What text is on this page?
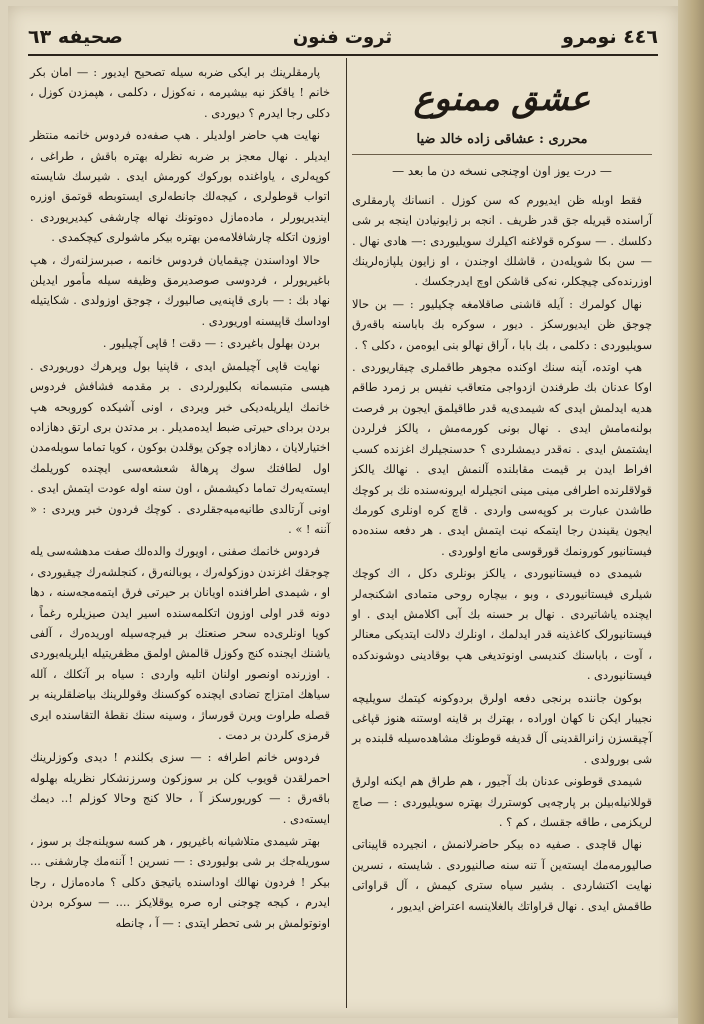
٤٤٦ نومرو
ثروت فنون
صحیفه ٦٣
عشق ممنوع
محرری : عشاقی زاده خالد ضیا
— درت یوز اون اوچنجی نسخه دن ما بعد —

فقط اوبله ظن ایدیورم که سن کوزل . انسانك پارمقلری آراسنده قیریله جق قدر ظریف . انجه بر زایونیادن اینجه بر شی دکلسك . — سوکره قولاغنه اکیلرك سویلیوردی :— هادی نهال . — سن بکا شویله‌دن ، قاشلك اوجندن ، او زایون یلپازه‌لرینك اوزرنده‌کی چیچکلر، نه‌کی قاشکن اوچ ایدرجکسك .

نهال کولمرك : آیله قاشنی صاقلامغه چکیلیور : — بن حالا چوجق ظن ایدیورسکز . دیور ، سوکره بك بابا‌سنه باقه‌رق سویلیوردی : دکلمی ، بك بابا ، آراق نهالو بنی ایوه‌من ، دکلی ؟ .

هپ اوتده، آینه سنك اوکنده مجوهر طاقملری چیقاریوردی . اوکا عدنان بك طرفندن ازدواجی متعاقب نفیس بر زمرد طاقم هدیه ایدلمش ایدی که شیمدی‌یه قدر طاقیلمق ایجون بر فرصت بولنه‌مامش ایدی . نهال بونی کورمه‌مش ، یالکز فرلردن ایشتمش ایدی . نه‌قدر دیمشلردی ؟ حدسنجیلرك اغزنده کسب افراط ایدن بر قیمت مقابلنده آلنمش ایدی . نهالك یالکز قولاقلرنده اطرافی مینی مینی انجیلرله ایرونه‌سنده نك بر کوچك طاشدن عبارت بر کوپه‌سی واردی . قاچ کره اونلری کورمك ایجون یقیندن رجا ایتمکه نیت ایتمش ایدی . هر دفعه سنده‌ده فیستانیور کورونمك قورقوسی مانع اولوردی .

شیمدی ده فیستانیوردی ، یالکز بونلری دکل ، اك کوچك شیلری فیستانیوردی ، وبو ، بیچاره روحی متمادی اشکنجه‌لر ایچنده یاشاتیردی . نهال بر حسنه بك آبی اکلامش ایدی . او فیستانیورلک کاغذینه قدر ایدلمك ، اونلرك دلالت ایتدیکی معنالر ، آوت ، بابا‌سنك کندیسی اونوتدیغی هپ بوقادینی دوشوندکده فیستانیوردی .

بوکون جاننده برنجی دفعه اولرق بردوکونه کیتمك سویلیچه نجیبار ایکن نا کهان اوراده ، بهترك بر قاینه اوستنه هنوز قپاغی آچیقسزن زانرالقدینی آل قدیفه قوطونك مشاهده‌سیله قلبنده بر شی بورولدی .

شیمدی قوطونی عدنان بك آجیور ، هم طراق هم ایکنه اولرق قوللانیله‌بیلن بر پارچه‌یی کوستررك بهتره سویلیوردی : — صاچ لریکزمی ، طاقه جقسك ، کم ؟ .

نهال قاچدی . صفیه ده بیکر حاضرلانمش ، انجیرده قاپیناتی صالیورمه‌مك ایسته‌ین آ تنه سنه صالنیوردی . شایسته ، نسرین نهایت اکتشاردی . بشیر سیاه ستری کیمش ، آل قراواتی طاقمش ایدی . نهال قراواتك بالغلاینسه اعتراض ایدیور ،

پارمقلرینك بر ایکی ضربه سیله تصحیح ایدیور : — امان بکر خانم ! یاقکز نیه بیشیرمه ، نه‌کوزل ، دکلمی ، هپمزدن کوزل ، دکلی رجا ایدرم ؟ دیوردی .

نهایت هپ حاضر اولدیلر . هپ صفه‌ده فردوس خانمه منتظر ایدیلر . نهال معجز بر ضربه نظرله بهتره باقش ، طراغی ، کوپه‌لری ، یاواغنده بورکوك کورمش ایدی . شیرسك شایسته اتواب قوطولری ، کیجه‌لك جانطه‌لری ایستوبطه قوتمق اوزره ایندیریورلر ، ماده‌مازل ده‌وتونك نهاله چارشفی کیدیریوردی . اوزون اتکله چارشافلامه‌من بهتره بیکر ماشولری کیچکمدی .

حالا اوداسندن چیقمایان فردوس خانمه ، صبرسزلنه‌رك ، هپ باغیریورلر ، فردوسی صوصدیرمق وظیفه سیله مأمور ایدیلن نهاد بك : — باری قاپنه‌یی صالیورك ، چوجق اوزولدی . شکایتیله اوداسك قاپیسنه اوریوردی .

بردن بهلول باغیردی : — دقت ! قاپی آچیلیور .

نهایت قاپی آچیلمش ایدی ، قاپنیا بول وپرهرك دوریوردی . هیسی متبسمانه بکلیورلردی . بر مقدمه فشافش فردوس خانمك ایلریله‌دیکی خبر ویردی ، اونی آشیکده کوروبحه هپ بردن بردای حیرتی ضبط ایده‌مدیلر . بر مدتدن بری ارتق دهازاده اختیارلایان ، دهازاده چوکن یوقلدن بوکون ، کویا تماما سویله‌مدن اول لطافتك سوك پرهالهٔ شعشعه‌سی ایچنده کوریلمك ایسته‌یه‌رك تماما دکیشمش ، اون سنه اوله عودت ایتمش ایدی . اونی آرتالدی طانیه‌میه‌جقلردی . کوچك فردون خبر ویردی : « آننه ! » .

فردوس خانمك صفنی ، اویورك والده‌لك صفت مدهشه‌سی یله چوجقك اغزندن دوزکوله‌رك ، یوبالنه‌رق ، کنجلشه‌رك چیقیوردی ، او ، شیمدی اطرافنده اویانان بر حیرتی فرق ایتمه‌مجه‌سنه ، دها دونه قدر اولی اوزون اتکلمه‌سنده اسیر ایدن صیزیلره رغماً ، کویا اونلری‌ده سحر صنعتك بر فیرچه‌سیله اوریده‌رك ، آلفی یاشنك ایجنده کنج وکوزل قالمش اولمق مظفریتیله ایلریله‌یوردی . اوزرنده اونصور اولنان اتلیه واردی : سیاه بر آتکلك ، آلله سیاهك امتزاج تضادی ایچنده کوکسنك وقوللرینك بیاضلقلرینه بر قصله طراوت ویرن قورساژ ، وسینه سنك نقطهٔ التقاسنده ایری قرمزی کلردن بر دمت .

فردوس خانم اطرافه : — سزی بکلندم ! دیدی وکوزلرینك احمرلقدن قویوب کلن بر سوزکون وسرزنشکار نظریله بهلوله باقه‌رق : — کوریورسکز آ ، حالا کنج وحالا کوزلم !.. دیمك ایسته‌دی .

بهتر شیمدی متلاشیانه باغیریور ، هر کسه سویلنه‌جك بر سوز ، سوریله‌جك بر شی بولیوردی : — نسرین ! آننه‌مك چارشفنی ... بیکر ! فردون نهالك اوداسنده یاتیجق دکلی ؟ ماده‌مازل ، رجا ایدرم ، کیجه چوجنی اره صره یوقلایکز .... — سوکره بردن اونوتولمش بر شی تحطر ایتدی : — آ ، چانطه
